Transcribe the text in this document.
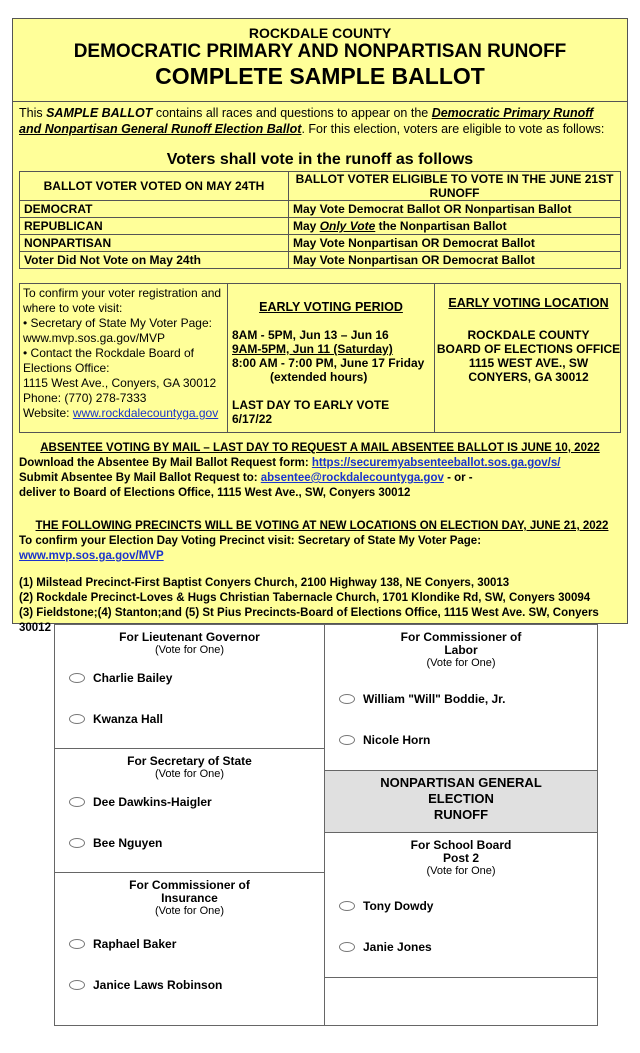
ROCKDALE COUNTY
DEMOCRATIC PRIMARY AND NONPARTISAN RUNOFF
COMPLETE SAMPLE BALLOT
This SAMPLE BALLOT contains all races and questions to appear on the Democratic Primary Runoff and Nonpartisan General Runoff Election Ballot. For this election, voters are eligible to vote as follows:
Voters shall vote in the runoff as follows
BALLOT VOTER VOTED ON MAY 24TH	BALLOT VOTER ELIGIBLE TO VOTE IN THE JUNE 21ST RUNOFF
DEMOCRAT	May Vote Democrat Ballot OR Nonpartisan Ballot
REPUBLICAN	May Only Vote the Nonpartisan Ballot
NONPARTISAN	May Vote Nonpartisan OR Democrat Ballot
Voter Did Not Vote on May 24th	May Vote Nonpartisan OR Democrat Ballot
To confirm your voter registration and where to vote visit:
• Secretary of State My Voter Page: www.mvp.sos.ga.gov/MVP
• Contact the Rockdale Board of Elections Office:
1115 West Ave., Conyers, GA 30012
Phone: (770) 278-7333
Website: www.rockdalecountyga.gov
EARLY VOTING PERIOD
8AM - 5PM, Jun 13 – Jun 16
9AM-5PM, Jun 11 (Saturday)
8:00 AM - 7:00 PM, June 17 Friday
(extended hours)
LAST DAY TO EARLY VOTE 6/17/22
EARLY VOTING LOCATION
ROCKDALE COUNTY
BOARD OF ELECTIONS OFFICE
1115 WEST AVE., SW
CONYERS, GA 30012
ABSENTEE VOTING BY MAIL – LAST DAY TO REQUEST A MAIL ABSENTEE BALLOT IS JUNE 10, 2022
Download the Absentee By Mail Ballot Request form: https://securemyabsenteeballot.sos.ga.gov/s/
Submit Absentee By Mail Ballot Request to: absentee@rockdalecountyga.gov - or -
deliver to Board of Elections Office, 1115 West Ave., SW, Conyers 30012
THE FOLLOWING PRECINCTS WILL BE VOTING AT NEW LOCATIONS ON ELECTION DAY, JUNE 21, 2022
To confirm your Election Day Voting Precinct visit: Secretary of State My Voter Page: www.mvp.sos.ga.gov/MVP
(1) Milstead Precinct-First Baptist Conyers Church, 2100 Highway 138, NE Conyers, 30013
(2) Rockdale Precinct-Loves & Hugs Christian Tabernacle Church, 1701 Klondike Rd, SW, Conyers 30094
(3) Fieldstone;(4) Stanton;and (5) St Pius Precincts-Board of Elections Office, 1115 West Ave. SW, Conyers 30012
For Lieutenant Governor
(Vote for One)
Charlie Bailey
Kwanza Hall
For Secretary of State
(Vote for One)
Dee Dawkins-Haigler
Bee Nguyen
For Commissioner of
Insurance
(Vote for One)
Raphael Baker
Janice Laws Robinson
For Commissioner of
Labor
(Vote for One)
William "Will" Boddie, Jr.
Nicole Horn
NONPARTISAN GENERAL
ELECTION
RUNOFF
For School Board
Post 2
(Vote for One)
Tony Dowdy
Janie Jones
